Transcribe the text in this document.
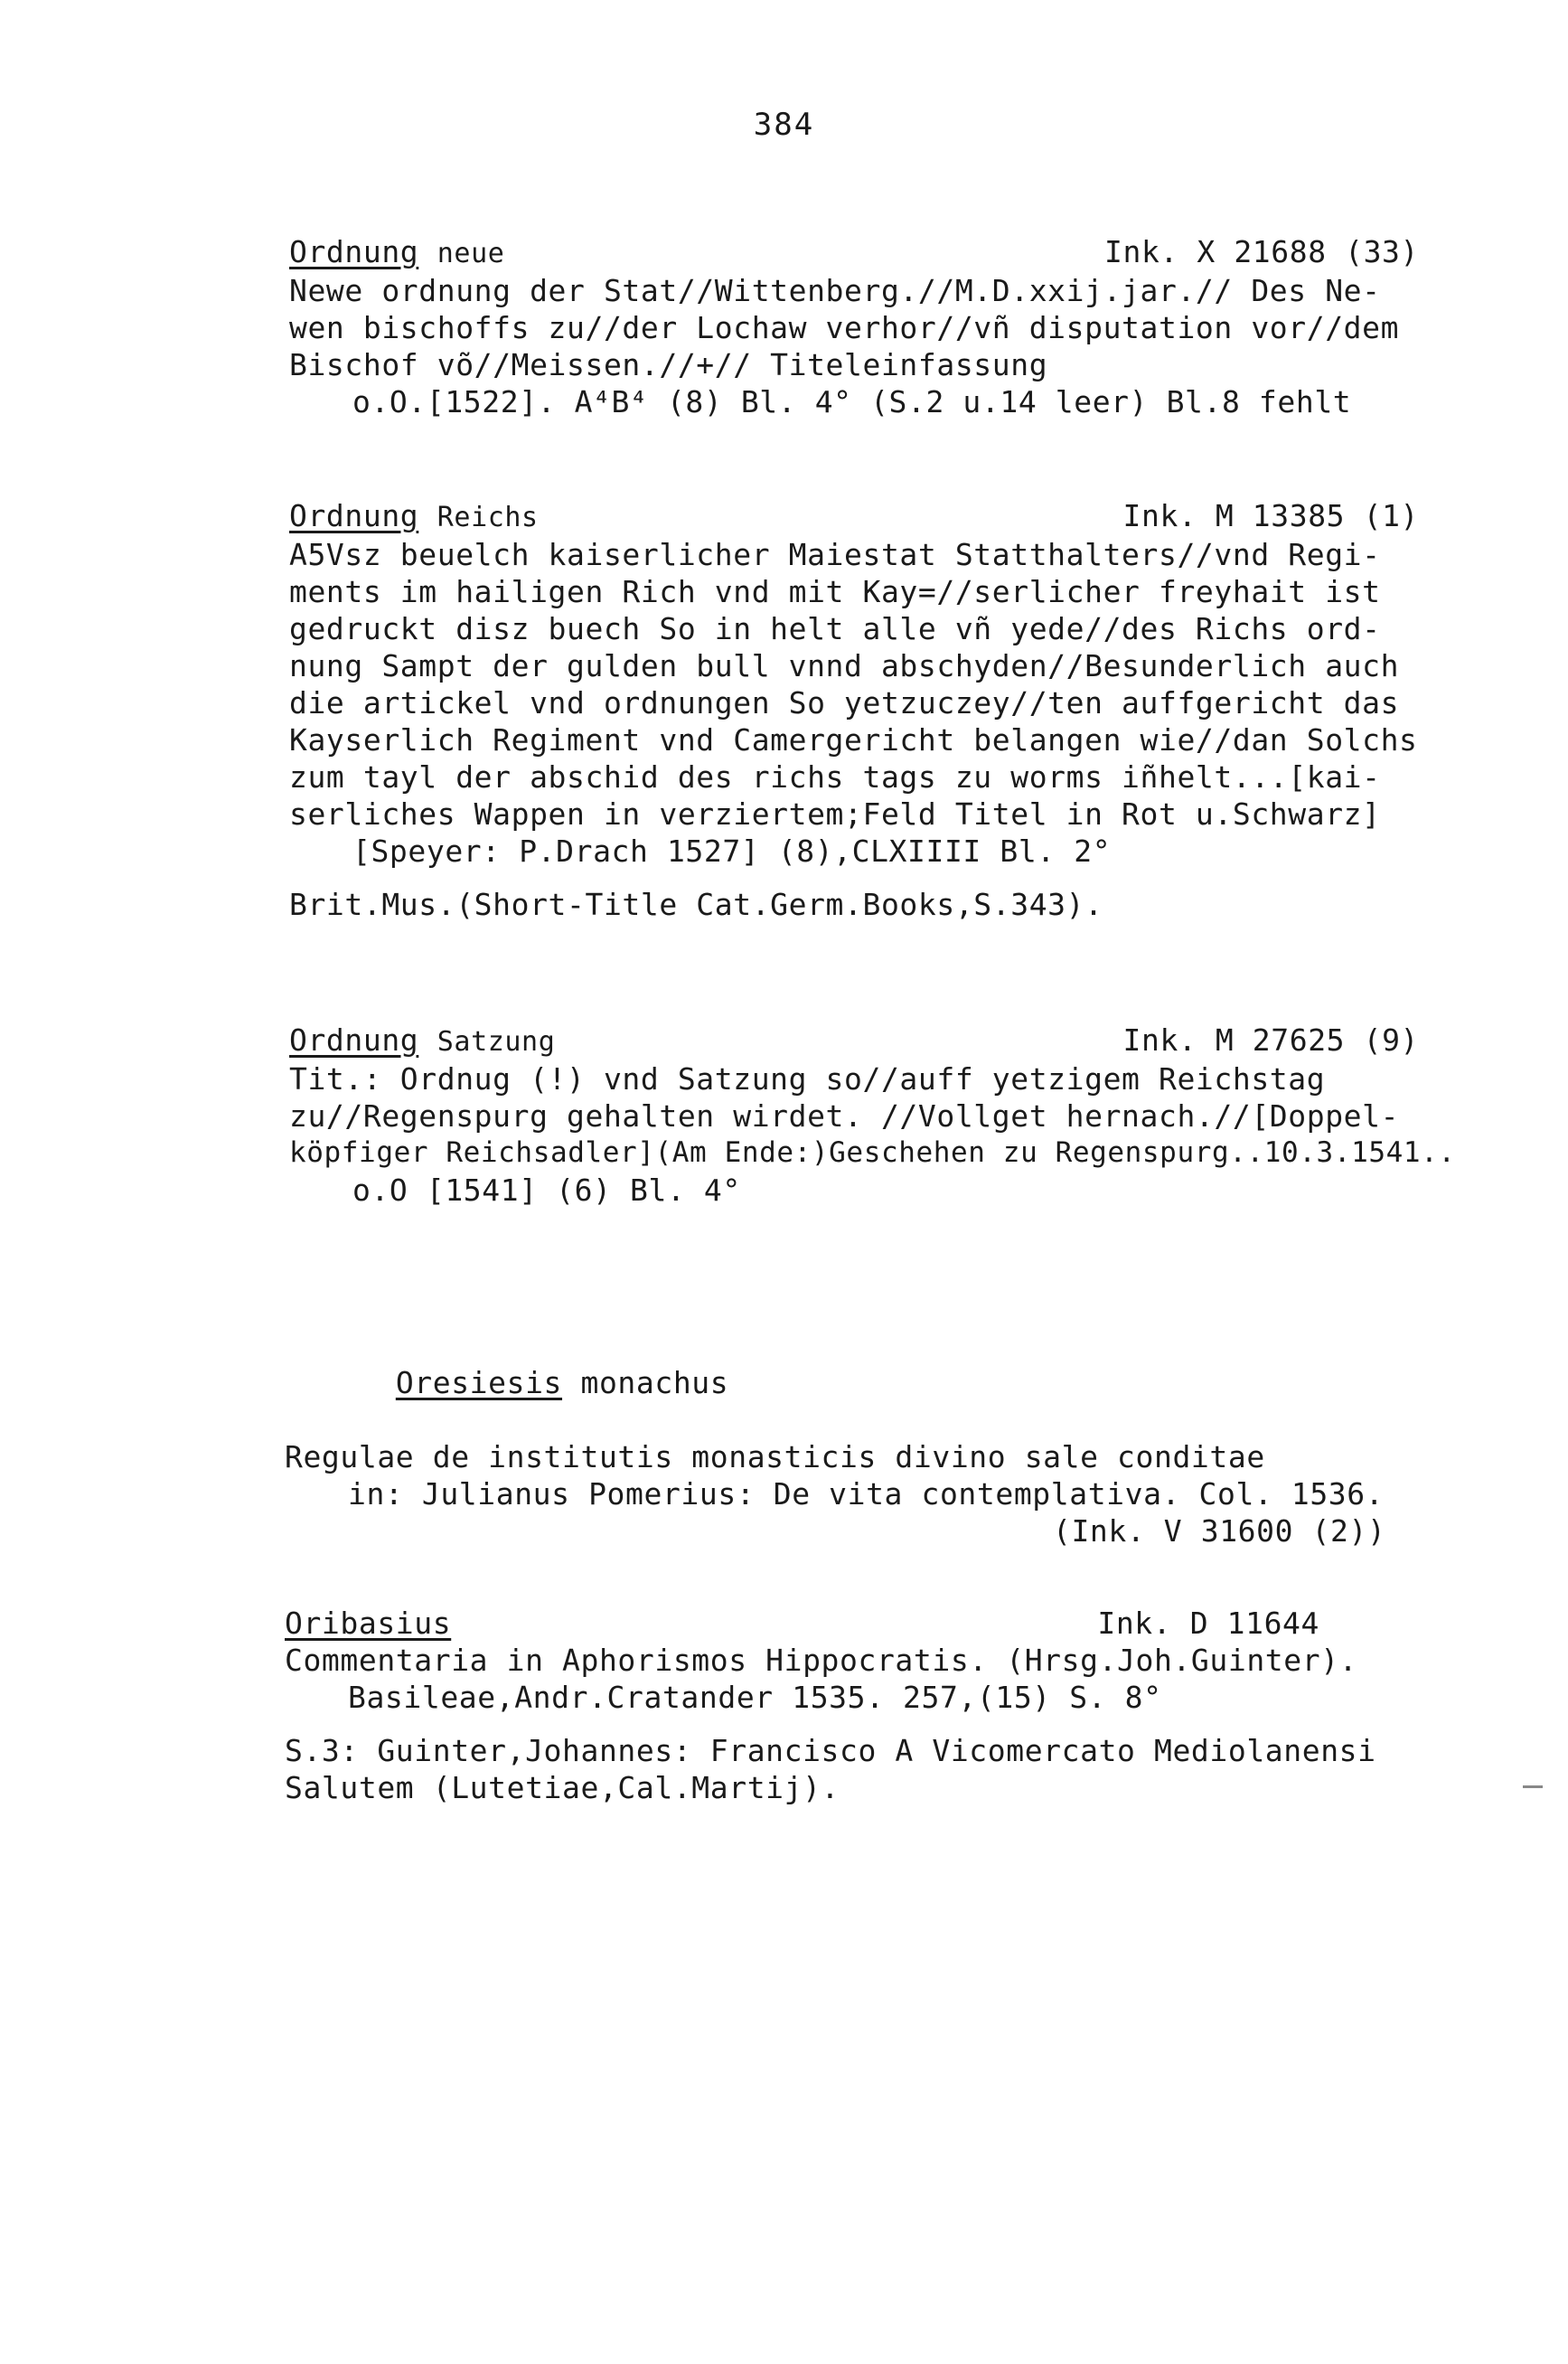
384
Ordnung neue	Ink. X 21688 (33)
Newe ordnung der Stat//Wittenberg.//M.D.xxij.jar.// Des Ne-
wen bischoffs zu//der Lochaw verhor//vñ disputation vor//dem
Bischof võ//Meissen.//+// Titeleinfassung
o.O.[1522]. A⁴B⁴ (8) Bl. 4° (S.2 u.14 leer) Bl.8 fehlt
Ordnung Reichs	Ink. M 13385 (1)
A5Vsz beuelch kaiserlicher Maiestat Statthalters//vnd Regi-
ments im hailigen Rich vnd mit Kay=//serlicher freyhait ist
gedruckt disz buech So in helt alle vñ yede//des Richs ord-
nung Sampt der gulden bull vnnd abschyden//Besunderlich auch
die artickel vnd ordnungen So yetzuczey//ten auffgericht das
Kayserlich Regiment vnd Camergericht belangen wie//dan Solchs
zum tayl der abschid des richs tags zu worms iñhelt...[kai-
serliches Wappen in verziertem;Feld Titel in Rot u.Schwarz]
[Speyer: P.Drach 1527] (8),CLXIIII Bl. 2°
Brit.Mus.(Short-Title Cat.Germ.Books,S.343).
Ordnung Satzung	Ink. M 27625 (9)
Tit.: Ordnug (!) vnd Satzung so//auff yetzigem Reichstag
zu//Regenspurg gehalten wirdet. //Vollget hernach.//[Doppel-
köpfiger Reichsadler](Am Ende:)Geschehen zu Regenspurg..10.3.1541..
o.O [1541] (6) Bl. 4°

Oresiesis monachus

Regulae de institutis monasticis divino sale conditae
in: Julianus Pomerius: De vita contemplativa. Col. 1536.
(Ink. V 31600 (2))
Oribasius	Ink. D 11644
Commentaria in Aphorismos Hippocratis. (Hrsg.Joh.Guinter).
Basileae,Andr.Cratander 1535. 257,(15) S. 8°
S.3: Guinter,Johannes: Francisco A Vicomercato Mediolanensi
Salutem (Lutetiae,Cal.Martij).
